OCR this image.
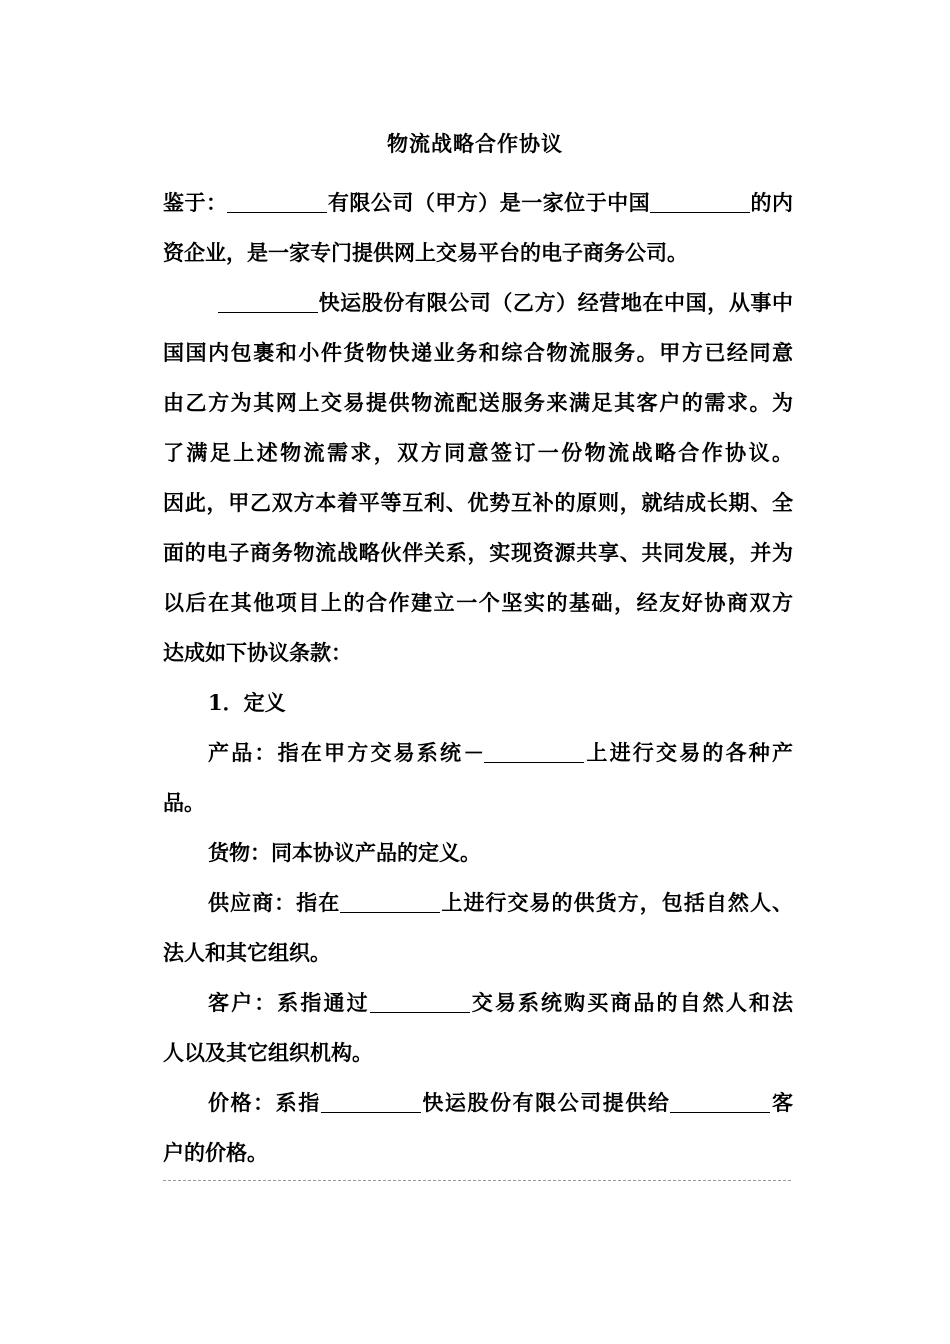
物流战略合作协议
鉴于：	有限公司（甲方）是一家位于中国	的内
资企业，是一家专门提供网上交易平台的电子商务公司。
快运股份有限公司（乙方）经营地在中国，从事中
国国内包裹和小件货物快递业务和综合物流服务。甲方已经同意
由乙方为其网上交易提供物流配送服务来满足其客户的需求。为
了满足上述物流需求，双方同意签订一份物流战略合作协议。
因此，甲乙双方本着平等互利、优势互补的原则，就结成长期、全
面的电子商务物流战略伙伴关系，实现资源共享、共同发展，并为
以后在其他项目上的合作建立一个坚实的基础，经友好协商双方
达成如下协议条款：
1．定义
产品：指在甲方交易系统－	上进行交易的各种产
品。
货物：同本协议产品的定义。
供应商：指在	上进行交易的供货方，包括自然人、
法人和其它组织。
客户：系指通过	交易系统购买商品的自然人和法
人以及其它组织机构。
价格：系指	快运股份有限公司提供给	客
户的价格。
